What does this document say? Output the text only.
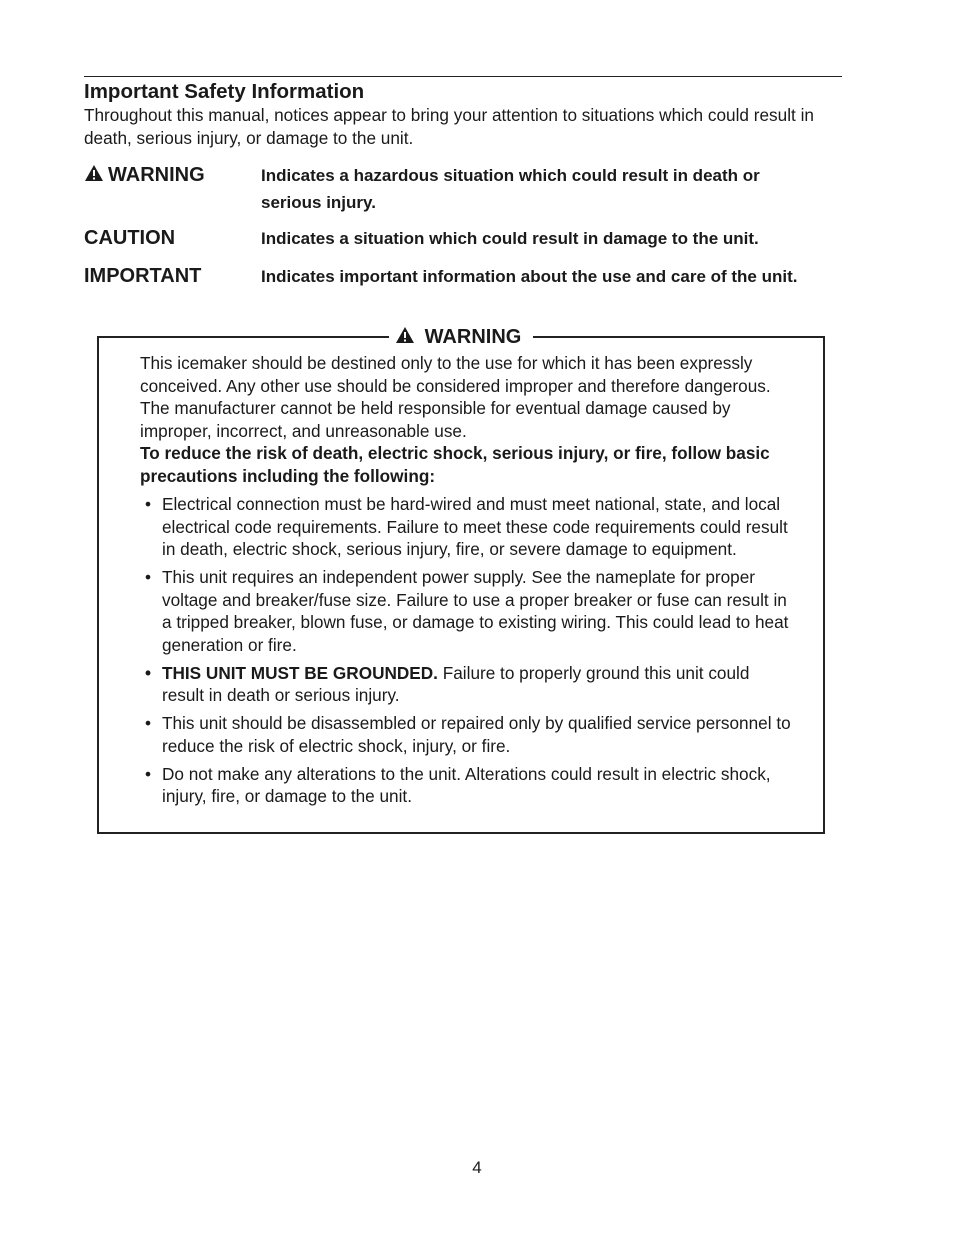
Important Safety Information
Throughout this manual, notices appear to bring your attention to situations which could result in death, serious injury, or damage to the unit.
WARNING	Indicates a hazardous situation which could result in death or serious injury.
CAUTION	Indicates a situation which could result in damage to the unit.
IMPORTANT	Indicates important information about the use and care of the unit.
WARNING

This icemaker should be destined only to the use for which it has been expressly conceived. Any other use should be considered improper and therefore dangerous. The manufacturer cannot be held responsible for eventual damage caused by improper, incorrect, and unreasonable use.

To reduce the risk of death, electric shock, serious injury, or fire, follow basic precautions including the following:

• Electrical connection must be hard-wired and must meet national, state, and local electrical code requirements. Failure to meet these code requirements could result in death, electric shock, serious injury, fire, or severe damage to equipment.
• This unit requires an independent power supply. See the nameplate for proper voltage and breaker/fuse size. Failure to use a proper breaker or fuse can result in a tripped breaker, blown fuse, or damage to existing wiring. This could lead to heat generation or fire.
• THIS UNIT MUST BE GROUNDED. Failure to properly ground this unit could result in death or serious injury.
• This unit should be disassembled or repaired only by qualified service personnel to reduce the risk of electric shock, injury, or fire.
• Do not make any alterations to the unit. Alterations could result in electric shock, injury, fire, or damage to the unit.
4
